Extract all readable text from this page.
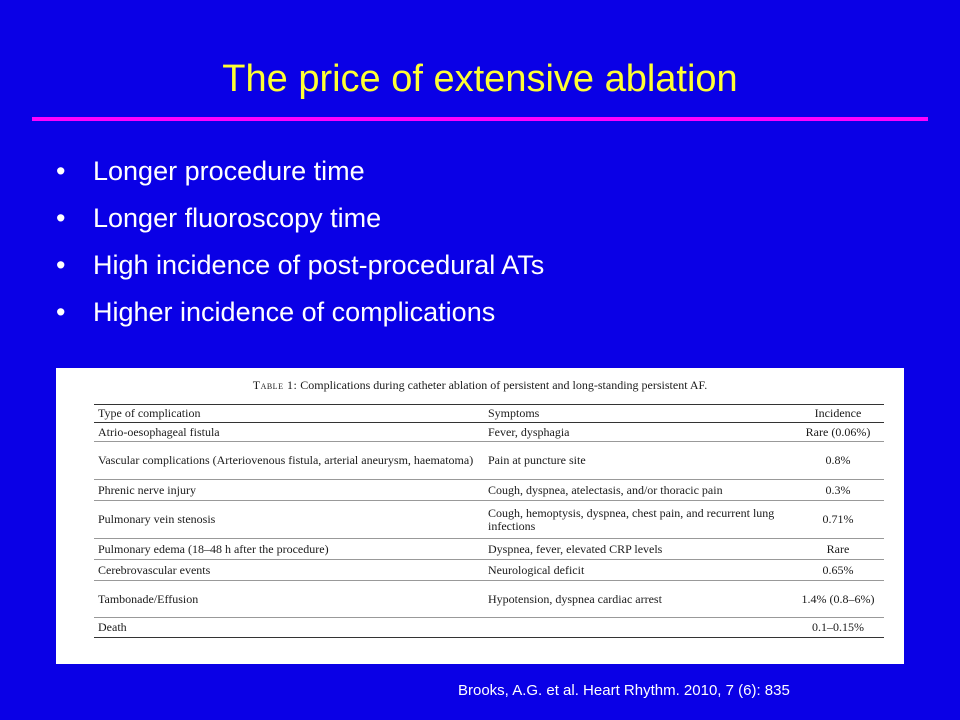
The price of extensive ablation
• Longer procedure time
• Longer fluoroscopy time
• High incidence of post-procedural ATs
• Higher incidence of complications
Table 1: Complications during catheter ablation of persistent and long-standing persistent AF.
Type of complication	Symptoms	Incidence
Atrio-oesophageal fistula	Fever, dysphagia	Rare (0.06%)
Vascular complications (Arteriovenous fistula, arterial aneurysm, haematoma)	Pain at puncture site	0.8%
Phrenic nerve injury	Cough, dyspnea, atelectasis, and/or thoracic pain	0.3%
Pulmonary vein stenosis	Cough, hemoptysis, dyspnea, chest pain, and recurrent lung infections	0.71%
Pulmonary edema (18–48 h after the procedure)	Dyspnea, fever, elevated CRP levels	Rare
Cerebrovascular events	Neurological deficit	0.65%
Tambonade/Effusion	Hypotension, dyspnea cardiac arrest	1.4% (0.8–6%)
Death		0.1–0.15%
Brooks, A.G. et al. Heart Rhythm. 2010, 7 (6): 835
